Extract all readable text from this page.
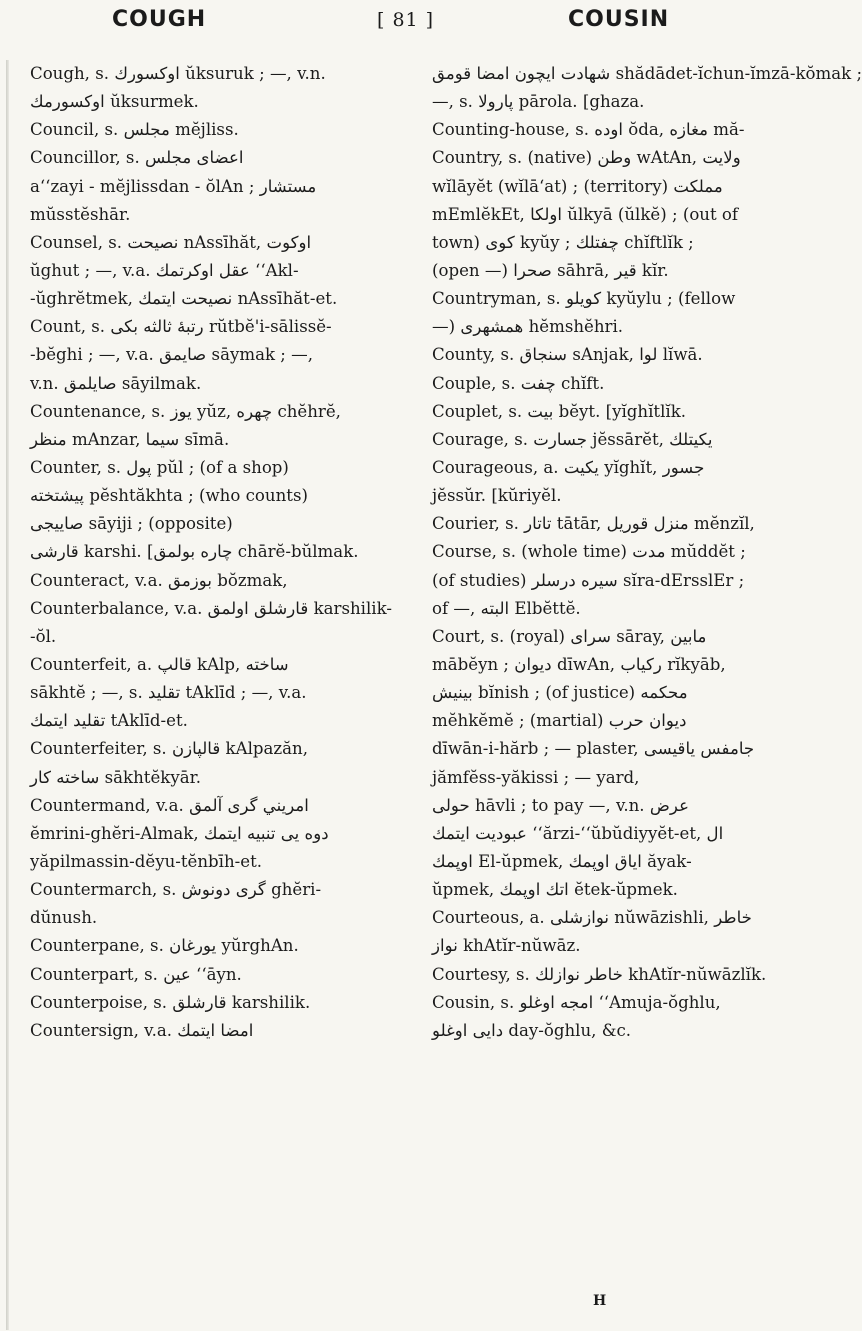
COUGH	[ 81 ]	COUSIN
Cough, s. اوكسورك ŭksuruk ; —, v.n.
اوكسورمك ŭksurmek.
Council, s. مجلس mĕjliss.
Councillor, s. اعضای مجلس
a‘‘zayi - mĕjlissdan - ŏlAn ; مستشار
mŭsstĕshār.
Counsel, s. نصيحت nAssīhăt, اوكوت
ŭghut ; —, v.a. عقل اوكرتمك ‘‘Akl-
-ŭghrĕtmek, نصيحت ايتمك nAssīhăt-et.
Count, s. رتبهٔ ثالثه بكى rŭtbĕ'i-sālissĕ-
-bĕghi ; —, v.a. صايمق sāymak ; —,
v.n. صايلمق sāyilmak.
Countenance, s. يوز yŭz, چهره chĕhrĕ,
منظر mAnzar, سيما sīmā.
Counter, s. پول pŭl ; (of a shop)
پيشتخته pĕshtăkhta ; (who counts)
صاييجى sāyiji ; (opposite)
قارشى karshi. [چاره بولمق chārĕ-bŭlmak.
Counteract, v.a. بوزمق bŏzmak,
Counterbalance, v.a. قارشلق اولمق karshilik-
-ŏl.
Counterfeit, a. قالپ kAlp, ساخته
sākhtĕ ; —, s. تقليد tAklīd ; —, v.a.
تقليد ايتمك tAklīd-et.
Counterfeiter, s. قالپازن kAlpazăn,
ساخته كار sākhtĕkyār.
Countermand, v.a. امريني گرى آلمق
ĕmrini-ghĕri-Almak, دوه يى تنبيه ايتمك
yăpilmassin-dĕyu-tĕnbīh-et.
Countermarch, s. گرى دونوش ghĕri-
dŭnush.
Counterpane, s. يورغان yŭrghAn.
Counterpart, s. عين ‘‘āyn.
Counterpoise, s. قارشلق karshilik.
Countersign, v.a. امضا ايتمك
شهادت ايچون امضا قومق shădādet-ĭchun-ĭmzā-kŏmak ;
—, s. پارولا pārola. [ghaza.
Counting-house, s. اوده ŏda, مغازه mă-
Country, s. (native) وطن wAtAn, ولايت
wĭlāyĕt (wĭlā‘at) ; (territory) مملكت
mEmlĕkEt, اولكا ŭlkyā (ŭlkĕ) ; (out of
town) كوى kyŭy ; چفتلك chĭftlĭk ;
(open —) صحرا sāhrā, قير kĭr.
Countryman, s. كويلو kyŭylu ; (fellow
—) همشهرى hĕmshĕhri.
County, s. سنجاق sAnjak, لوا lĭwā.
Couple, s. چفت chĭft.
Couplet, s. بيت bĕyt. [yĭghĭtlĭk.
Courage, s. جسارت jĕssārĕt, يكيتلك
Courageous, a. يكيت yĭghĭt, جسور
jĕssŭr. [kŭriyĕl.
Courier, s. تاتار tātār, منزل قوريل mĕnzĭl,
Course, s. (whole time) مدت mŭddĕt ;
(of studies) سيره درسلر sĭra-dErsslEr ;
of —, البته Elbĕttĕ.
Court, s. (royal) سراى sāray, مابين
mābĕyn ; ديوان dīwAn, ركياب rĭkyāb,
بينيش bĭnish ; (of justice) محكمه
mĕhkĕmĕ ; (martial) ديوان حرب
dīwān-i-hărb ; — plaster, جامفس ياقيسى
jămfĕss-yăkissi ; — yard,
حولى hāvli ; to pay —, v.n. عرض
عبوديت ايتمك ‘‘ărzi-‘‘ŭbŭdiyyĕt-et, ال
اوپمك El-ŭpmek, اياق اوپمك ăyak-
ŭpmek, اتك اوپمك ĕtek-ŭpmek.
Courteous, a. نوازشلى nŭwāzishli, خاطر
نواز khAtĭr-nŭwāz.
Courtesy, s. خاطر نوازلك khAtĭr-nŭwāzlĭk.
Cousin, s. امجه اوغلو ‘‘Amuja-ŏghlu,
دايى اوغلو day-ŏghlu, &c.
H
